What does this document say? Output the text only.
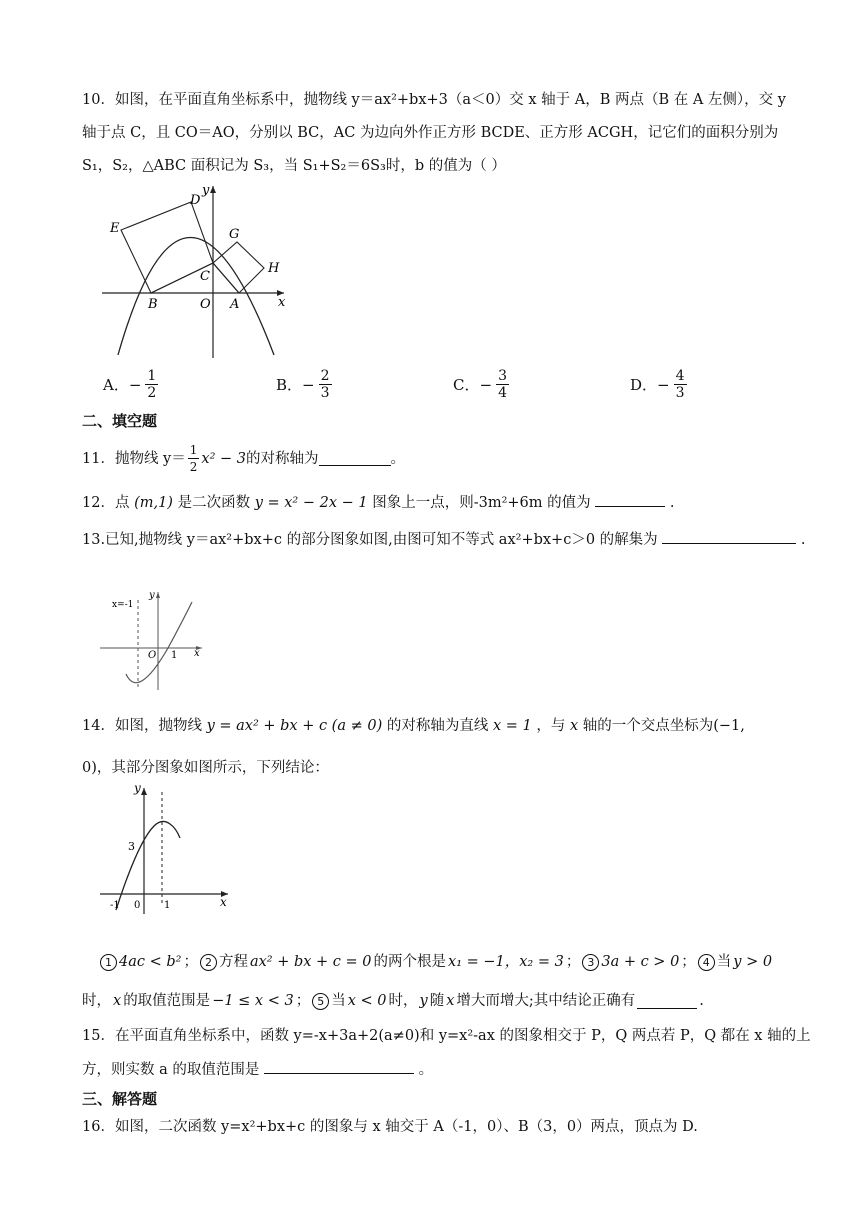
10．如图，在平面直角坐标系中，抛物线 y＝ax²+bx+3（a＜0）交 x 轴于 A，B 两点（B 在 A 左侧），交 y
轴于点 C，且 CO＝AO，分别以 BC，AC 为边向外作正方形 BCDE、正方形 ACGH，记它们的面积分别为
S₁，S₂，△ABC 面积记为 S₃，当 S₁+S₂＝6S₃时，b 的值为（ ）
E
D
y
G
H
C
B	O A	x
A． − $\frac{1}{2}$	B． − $\frac{2}{3}$	C． − $\frac{3}{4}$	D． − $\frac{4}{3}$
二、填空题
11．抛物线 $y= \frac{1}{2} x^2 - 3$ 的对称轴为	。
12．点 (m,1) 是二次函数 y = x² − 2x − 1 图象上一点，则-3m²+6m 的值为	.
13.已知,抛物线 y＝ax²+bx+c 的部分图象如图,由图可知不等式 ax²+bx+c＞0 的解集为	.
x=-1
y
O 1 x
14．如图，抛物线 y = ax² + bx + c (a ≠ 0) 的对称轴为直线 x = 1 ，与 x 轴的一个交点坐标为(−1,
0)，其部分图象如图所示，下列结论：
y
3
-1 0 1	x
1 4ac < b² ； 2 方程 ax² + bx + c = 0 的两个根是 x₁ = −1，x₂ = 3 ； 3 3a + c > 0 ； 4 当 y > 0
时， x 的取值范围是 −1 ≤ x < 3 ； 5 当 x < 0 时， y 随 x 增大而增大;其中结论正确有	.
15．在平面直角坐标系中，函数 y=-x+3a+2(a≠0)和 y=x²-ax 的图象相交于 P，Q 两点若 P，Q 都在 x 轴的上
方，则实数 a 的取值范围是	。
三、解答题
16．如图，二次函数 y=x²+bx+c 的图象与 x 轴交于 A（-1，0）、B（3，0）两点，顶点为 D.
